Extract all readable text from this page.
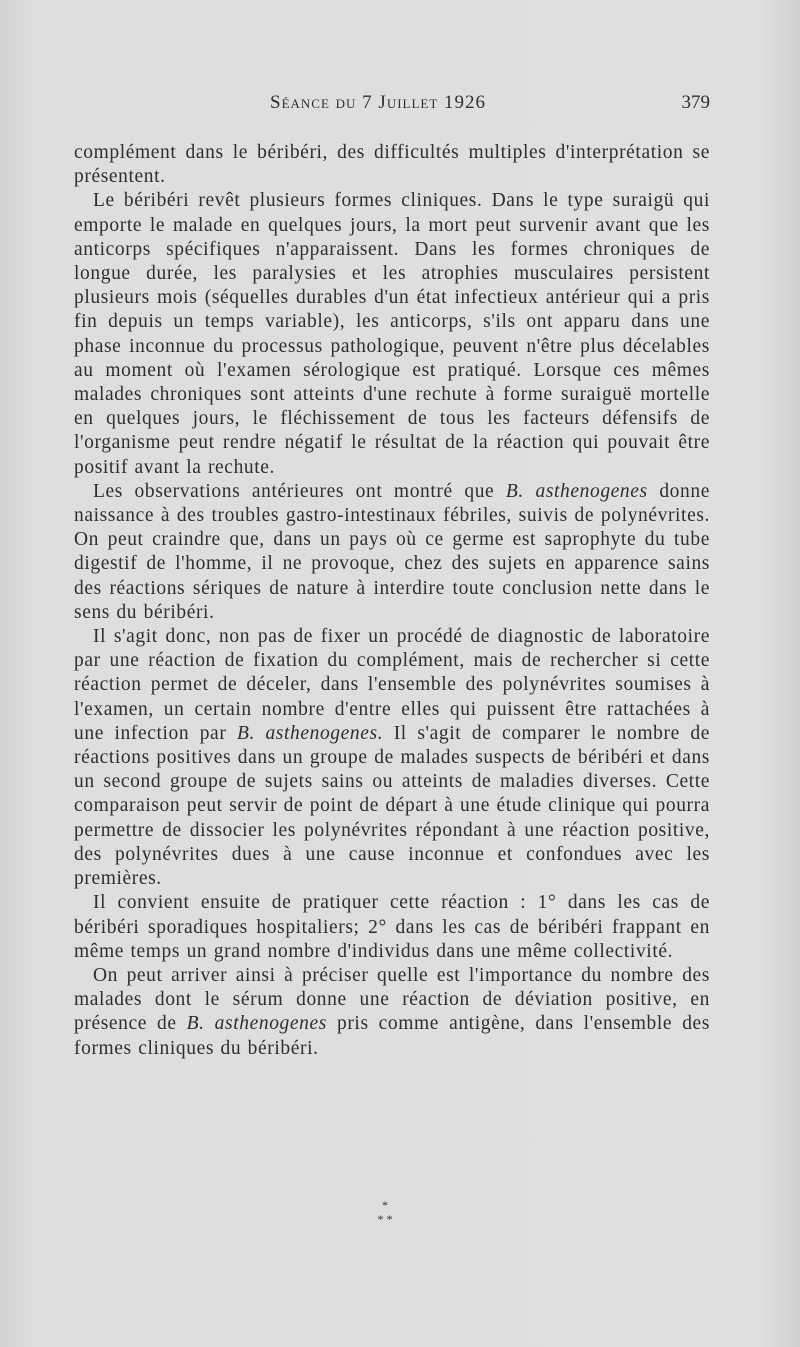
Séance du 7 Juillet 1926	379

complément dans le béribéri, des difficultés multiples d'interprétation se présentent.

Le béribéri revêt plusieurs formes cliniques. Dans le type suraigü qui emporte le malade en quelques jours, la mort peut survenir avant que les anticorps spécifiques n'apparaissent. Dans les formes chroniques de longue durée, les paralysies et les atrophies musculaires persistent plusieurs mois (séquelles durables d'un état infectieux antérieur qui a pris fin depuis un temps variable), les anticorps, s'ils ont apparu dans une phase inconnue du processus pathologique, peuvent n'être plus décelables au moment où l'examen sérologique est pratiqué. Lorsque ces mêmes malades chroniques sont atteints d'une rechute à forme suraiguë mortelle en quelques jours, le fléchissement de tous les facteurs défensifs de l'organisme peut rendre négatif le résultat de la réaction qui pouvait être positif avant la rechute.

Les observations antérieures ont montré que B. asthenogenes donne naissance à des troubles gastro-intestinaux fébriles, suivis de polynévrites. On peut craindre que, dans un pays où ce germe est saprophyte du tube digestif de l'homme, il ne provoque, chez des sujets en apparence sains des réactions sériques de nature à interdire toute conclusion nette dans le sens du béribéri.

Il s'agit donc, non pas de fixer un procédé de diagnostic de laboratoire par une réaction de fixation du complément, mais de rechercher si cette réaction permet de déceler, dans l'ensemble des polynévrites soumises à l'examen, un certain nombre d'entre elles qui puissent être rattachées à une infection par B. asthenogenes. Il s'agit de comparer le nombre de réactions positives dans un groupe de malades suspects de béribéri et dans un second groupe de sujets sains ou atteints de maladies diverses. Cette comparaison peut servir de point de départ à une étude clinique qui pourra permettre de dissocier les polynévrites répondant à une réaction positive, des polynévrites dues à une cause inconnue et confondues avec les premières.

Il convient ensuite de pratiquer cette réaction : 1° dans les cas de béribéri sporadiques hospitaliers; 2° dans les cas de béribéri frappant en même temps un grand nombre d'individus dans une même collectivité.

On peut arriver ainsi à préciser quelle est l'importance du nombre des malades dont le sérum donne une réaction de déviation positive, en présence de B. asthenogenes pris comme antigène, dans l'ensemble des formes cliniques du béribéri.

*
* *
